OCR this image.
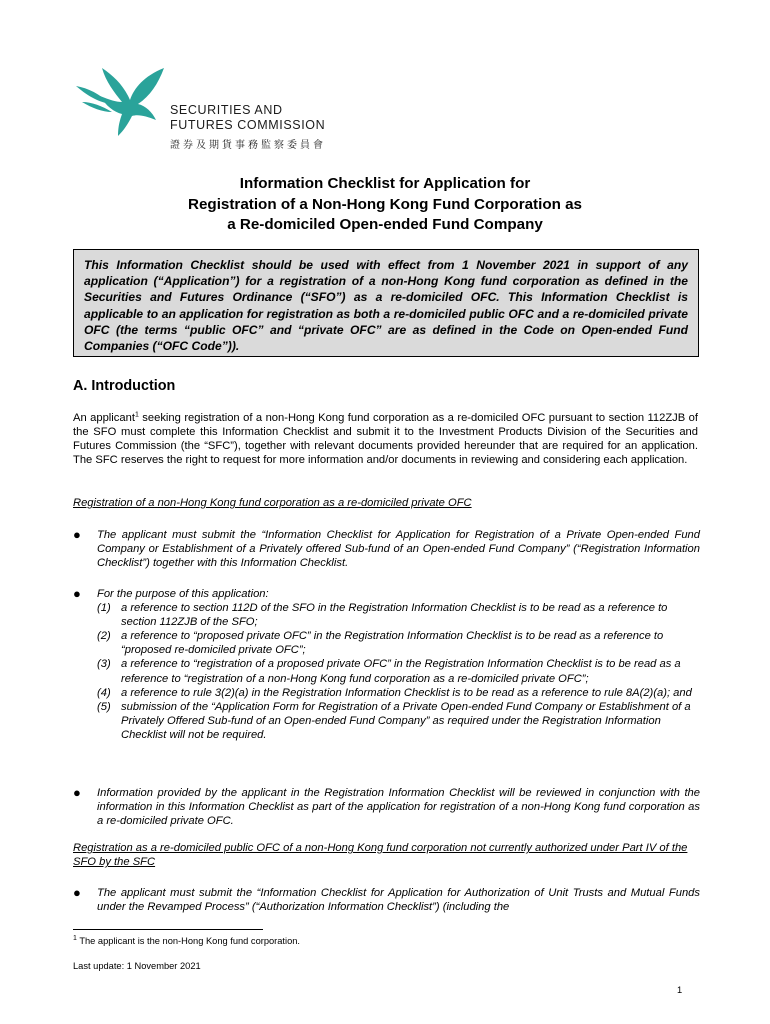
SECURITIES AND
FUTURES COMMISSION
證券及期貨事務監察委員會
Information Checklist for Application for
Registration of a Non-Hong Kong Fund Corporation as
a Re-domiciled Open-ended Fund Company

This Information Checklist should be used with effect from 1 November 2021 in support of any application (“Application”) for a registration of a non-Hong Kong fund corporation as defined in the Securities and Futures Ordinance (“SFO”) as a re-domiciled OFC. This Information Checklist is applicable to an application for registration as both a re-domiciled public OFC and a re-domiciled private OFC (the terms “public OFC” and “private OFC” are as defined in the Code on Open-ended Fund Companies (“OFC Code”)).

A. Introduction

An applicant$^1$ seeking registration of a non-Hong Kong fund corporation as a re-domiciled OFC pursuant to section 112ZJB of the SFO must complete this Information Checklist and submit it to the Investment Products Division of the Securities and Futures Commission (the “SFC”), together with relevant documents provided hereunder that are required for an application. The SFC reserves the right to request for more information and/or documents in reviewing and considering each application.

Registration of a non-Hong Kong fund corporation as a re-domiciled private OFC
● The applicant must submit the “Information Checklist for Application for Registration of a Private Open-ended Fund Company or Establishment of a Privately offered Sub-fund of an Open-ended Fund Company” (“Registration Information Checklist”) together with this Information Checklist.
● For the purpose of this application:
(1) a reference to section 112D of the SFO in the Registration Information Checklist is to be read as a reference to section 112ZJB of the SFO;
(2) a reference to “proposed private OFC” in the Registration Information Checklist is to be read as a reference to “proposed re-domiciled private OFC”;
(3) a reference to “registration of a proposed private OFC” in the Registration Information Checklist is to be read as a reference to “registration of a non-Hong Kong fund corporation as a re-domiciled private OFC”;
(4) a reference to rule 3(2)(a) in the Registration Information Checklist is to be read as a reference to rule 8A(2)(a); and
(5) submission of the “Application Form for Registration of a Private Open-ended Fund Company or Establishment of a Privately Offered Sub-fund of an Open-ended Fund Company” as required under the Registration Information Checklist will not be required.
● Information provided by the applicant in the Registration Information Checklist will be reviewed in conjunction with the information in this Information Checklist as part of the application for registration of a non-Hong Kong fund corporation as a re-domiciled private OFC.
Registration as a re-domiciled public OFC of a non-Hong Kong fund corporation not currently authorized under Part IV of the SFO by the SFC
● The applicant must submit the “Information Checklist for Application for Authorization of Unit Trusts and Mutual Funds under the Revamped Process” (“Authorization Information Checklist”) (including the
$^1$ The applicant is the non-Hong Kong fund corporation.
Last update: 1 November 2021
1
